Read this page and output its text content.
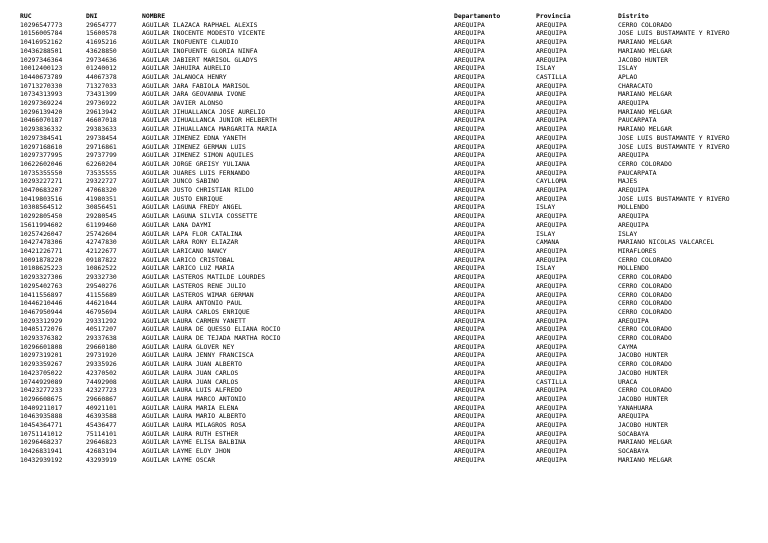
RUC	DNI	NOMBRE	Departamento	Provincia	Distrito
10296547773	29654777	AGUILAR ILAZACA RAPHAEL ALEXIS	AREQUIPA	AREQUIPA	CERRO COLORADO
10156005784	15600578	AGUILAR INOCENTE MODESTO VICENTE	AREQUIPA	AREQUIPA	JOSE LUIS BUSTAMANTE Y RIVERO
10416952162	41695216	AGUILAR INOFUENTE CLAUDIO	AREQUIPA	AREQUIPA	MARIANO MELGAR
10436288501	43628850	AGUILAR INOFUENTE GLORIA NINFA	AREQUIPA	AREQUIPA	MARIANO MELGAR
10297346364	29734636	AGUILAR JABIERT MARISOL GLADYS	AREQUIPA	AREQUIPA	JACOBO HUNTER
10012400123	01240012	AGUILAR JAHUIRA AURELIO	AREQUIPA	ISLAY	ISLAY
10440673789	44067378	AGUILAR JALANOCA HENRY	AREQUIPA	CASTILLA	APLAO
10713270330	71327033	AGUILAR JARA FABIOLA MARISOL	AREQUIPA	AREQUIPA	CHARACATO
10734313993	73431399	AGUILAR JARA GEOVANNA IVONE	AREQUIPA	AREQUIPA	MARIANO MELGAR
10297369224	29736922	AGUILAR JAVIER ALONSO	AREQUIPA	AREQUIPA	AREQUIPA
10296139420	29613942	AGUILAR JIHUALLANCA JOSE AURELIO	AREQUIPA	AREQUIPA	MARIANO MELGAR
10466070187	46607018	AGUILAR JIHUALLANCA JUNIOR HELBERTH	AREQUIPA	AREQUIPA	PAUCARPATA
10293836332	29383633	AGUILAR JIHUALLANCA MARGARITA MARIA	AREQUIPA	AREQUIPA	MARIANO MELGAR
10297384541	29738454	AGUILAR JIMENEZ EDNA YANETH	AREQUIPA	AREQUIPA	JOSE LUIS BUSTAMANTE Y RIVERO
10297168610	29716861	AGUILAR JIMENEZ GERMAN LUIS	AREQUIPA	AREQUIPA	JOSE LUIS BUSTAMANTE Y RIVERO
10297377995	29737799	AGUILAR JIMENEZ SIMON AQUILES	AREQUIPA	AREQUIPA	AREQUIPA
10622602046	62260204	AGUILAR JORGE GREISY YULIANA	AREQUIPA	AREQUIPA	CERRO COLORADO
10735355550	73535555	AGUILAR JUARES LUIS FERNANDO	AREQUIPA	AREQUIPA	PAUCARPATA
10293227271	29322727	AGUILAR JUNCO SABINO	AREQUIPA	CAYLLOMA	MAJES
10470683207	47068320	AGUILAR JUSTO CHRISTIAN RILDO	AREQUIPA	AREQUIPA	AREQUIPA
10419803516	41980351	AGUILAR JUSTO ENRIQUE	AREQUIPA	AREQUIPA	JOSE LUIS BUSTAMANTE Y RIVERO
10308564512	30856451	AGUILAR LAGUNA FREDY ANGEL	AREQUIPA	ISLAY	MOLLENDO
10292805450	29280545	AGUILAR LAGUNA SILVIA COSSETTE	AREQUIPA	AREQUIPA	AREQUIPA
15611994602	61199460	AGUILAR LANA DAYMI	AREQUIPA	AREQUIPA	AREQUIPA
10257426047	25742604	AGUILAR LAPA FLOR CATALINA	AREQUIPA	ISLAY	ISLAY
10427478306	42747830	AGUILAR LARA RONY ELIAZAR	AREQUIPA	CAMANA	MARIANO NICOLAS VALCARCEL
10421226771	42122677	AGUILAR LARICANO NANCY	AREQUIPA	AREQUIPA	MIRAFLORES
10091878220	09187822	AGUILAR LARICO CRISTOBAL	AREQUIPA	AREQUIPA	CERRO COLORADO
10108625223	10862522	AGUILAR LARICO LUZ MARIA	AREQUIPA	ISLAY	MOLLENDO
10293327306	29332730	AGUILAR LASTEROS MATILDE LOURDES	AREQUIPA	AREQUIPA	CERRO COLORADO
10295402763	29540276	AGUILAR LASTEROS RENE JULIO	AREQUIPA	AREQUIPA	CERRO COLORADO
10411556897	41155689	AGUILAR LASTEROS WIMAR GERMAN	AREQUIPA	AREQUIPA	CERRO COLORADO
10446210446	44621044	AGUILAR LAURA ANTONIO PAUL	AREQUIPA	AREQUIPA	CERRO COLORADO
10467950944	46795694	AGUILAR LAURA CARLOS ENRIQUE	AREQUIPA	AREQUIPA	CERRO COLORADO
10293312929	29331292	AGUILAR LAURA CARMEN YANETT	AREQUIPA	AREQUIPA	AREQUIPA
10405172076	40517207	AGUILAR LAURA DE QUESSO ELIANA ROCIO	AREQUIPA	AREQUIPA	CERRO COLORADO
10293376382	29337638	AGUILAR LAURA DE TEJADA MARTHA ROCIO	AREQUIPA	AREQUIPA	CERRO COLORADO
10296601808	29660180	AGUILAR LAURA GLOVER NEY	AREQUIPA	AREQUIPA	CAYMA
10297319201	29731920	AGUILAR LAURA JENNY FRANCISCA	AREQUIPA	AREQUIPA	JACOBO HUNTER
10293359267	29335926	AGUILAR LAURA JUAN ALBERTO	AREQUIPA	AREQUIPA	CERRO COLORADO
10423705022	42370502	AGUILAR LAURA JUAN CARLOS	AREQUIPA	AREQUIPA	JACOBO HUNTER
10744929089	74492908	AGUILAR LAURA JUAN CARLOS	AREQUIPA	CASTILLA	URACA
10423277233	42327723	AGUILAR LAURA LUIS ALFREDO	AREQUIPA	AREQUIPA	CERRO COLORADO
10296608675	29660867	AGUILAR LAURA MARCO ANTONIO	AREQUIPA	AREQUIPA	JACOBO HUNTER
10409211017	40921101	AGUILAR LAURA MARIA ELENA	AREQUIPA	AREQUIPA	YANAHUARA
10463935888	46393588	AGUILAR LAURA MARIO ALBERTO	AREQUIPA	AREQUIPA	AREQUIPA
10454364771	45436477	AGUILAR LAURA MILAGROS ROSA	AREQUIPA	AREQUIPA	JACOBO HUNTER
10751141012	75114101	AGUILAR LAURA RUTH ESTHER	AREQUIPA	AREQUIPA	SOCABAYA
10296468237	29646823	AGUILAR LAYME ELISA BALBINA	AREQUIPA	AREQUIPA	MARIANO MELGAR
10426831941	42683194	AGUILAR LAYME ELOY JHON	AREQUIPA	AREQUIPA	SOCABAYA
10432939192	43293919	AGUILAR LAYME OSCAR	AREQUIPA	AREQUIPA	MARIANO MELGAR
